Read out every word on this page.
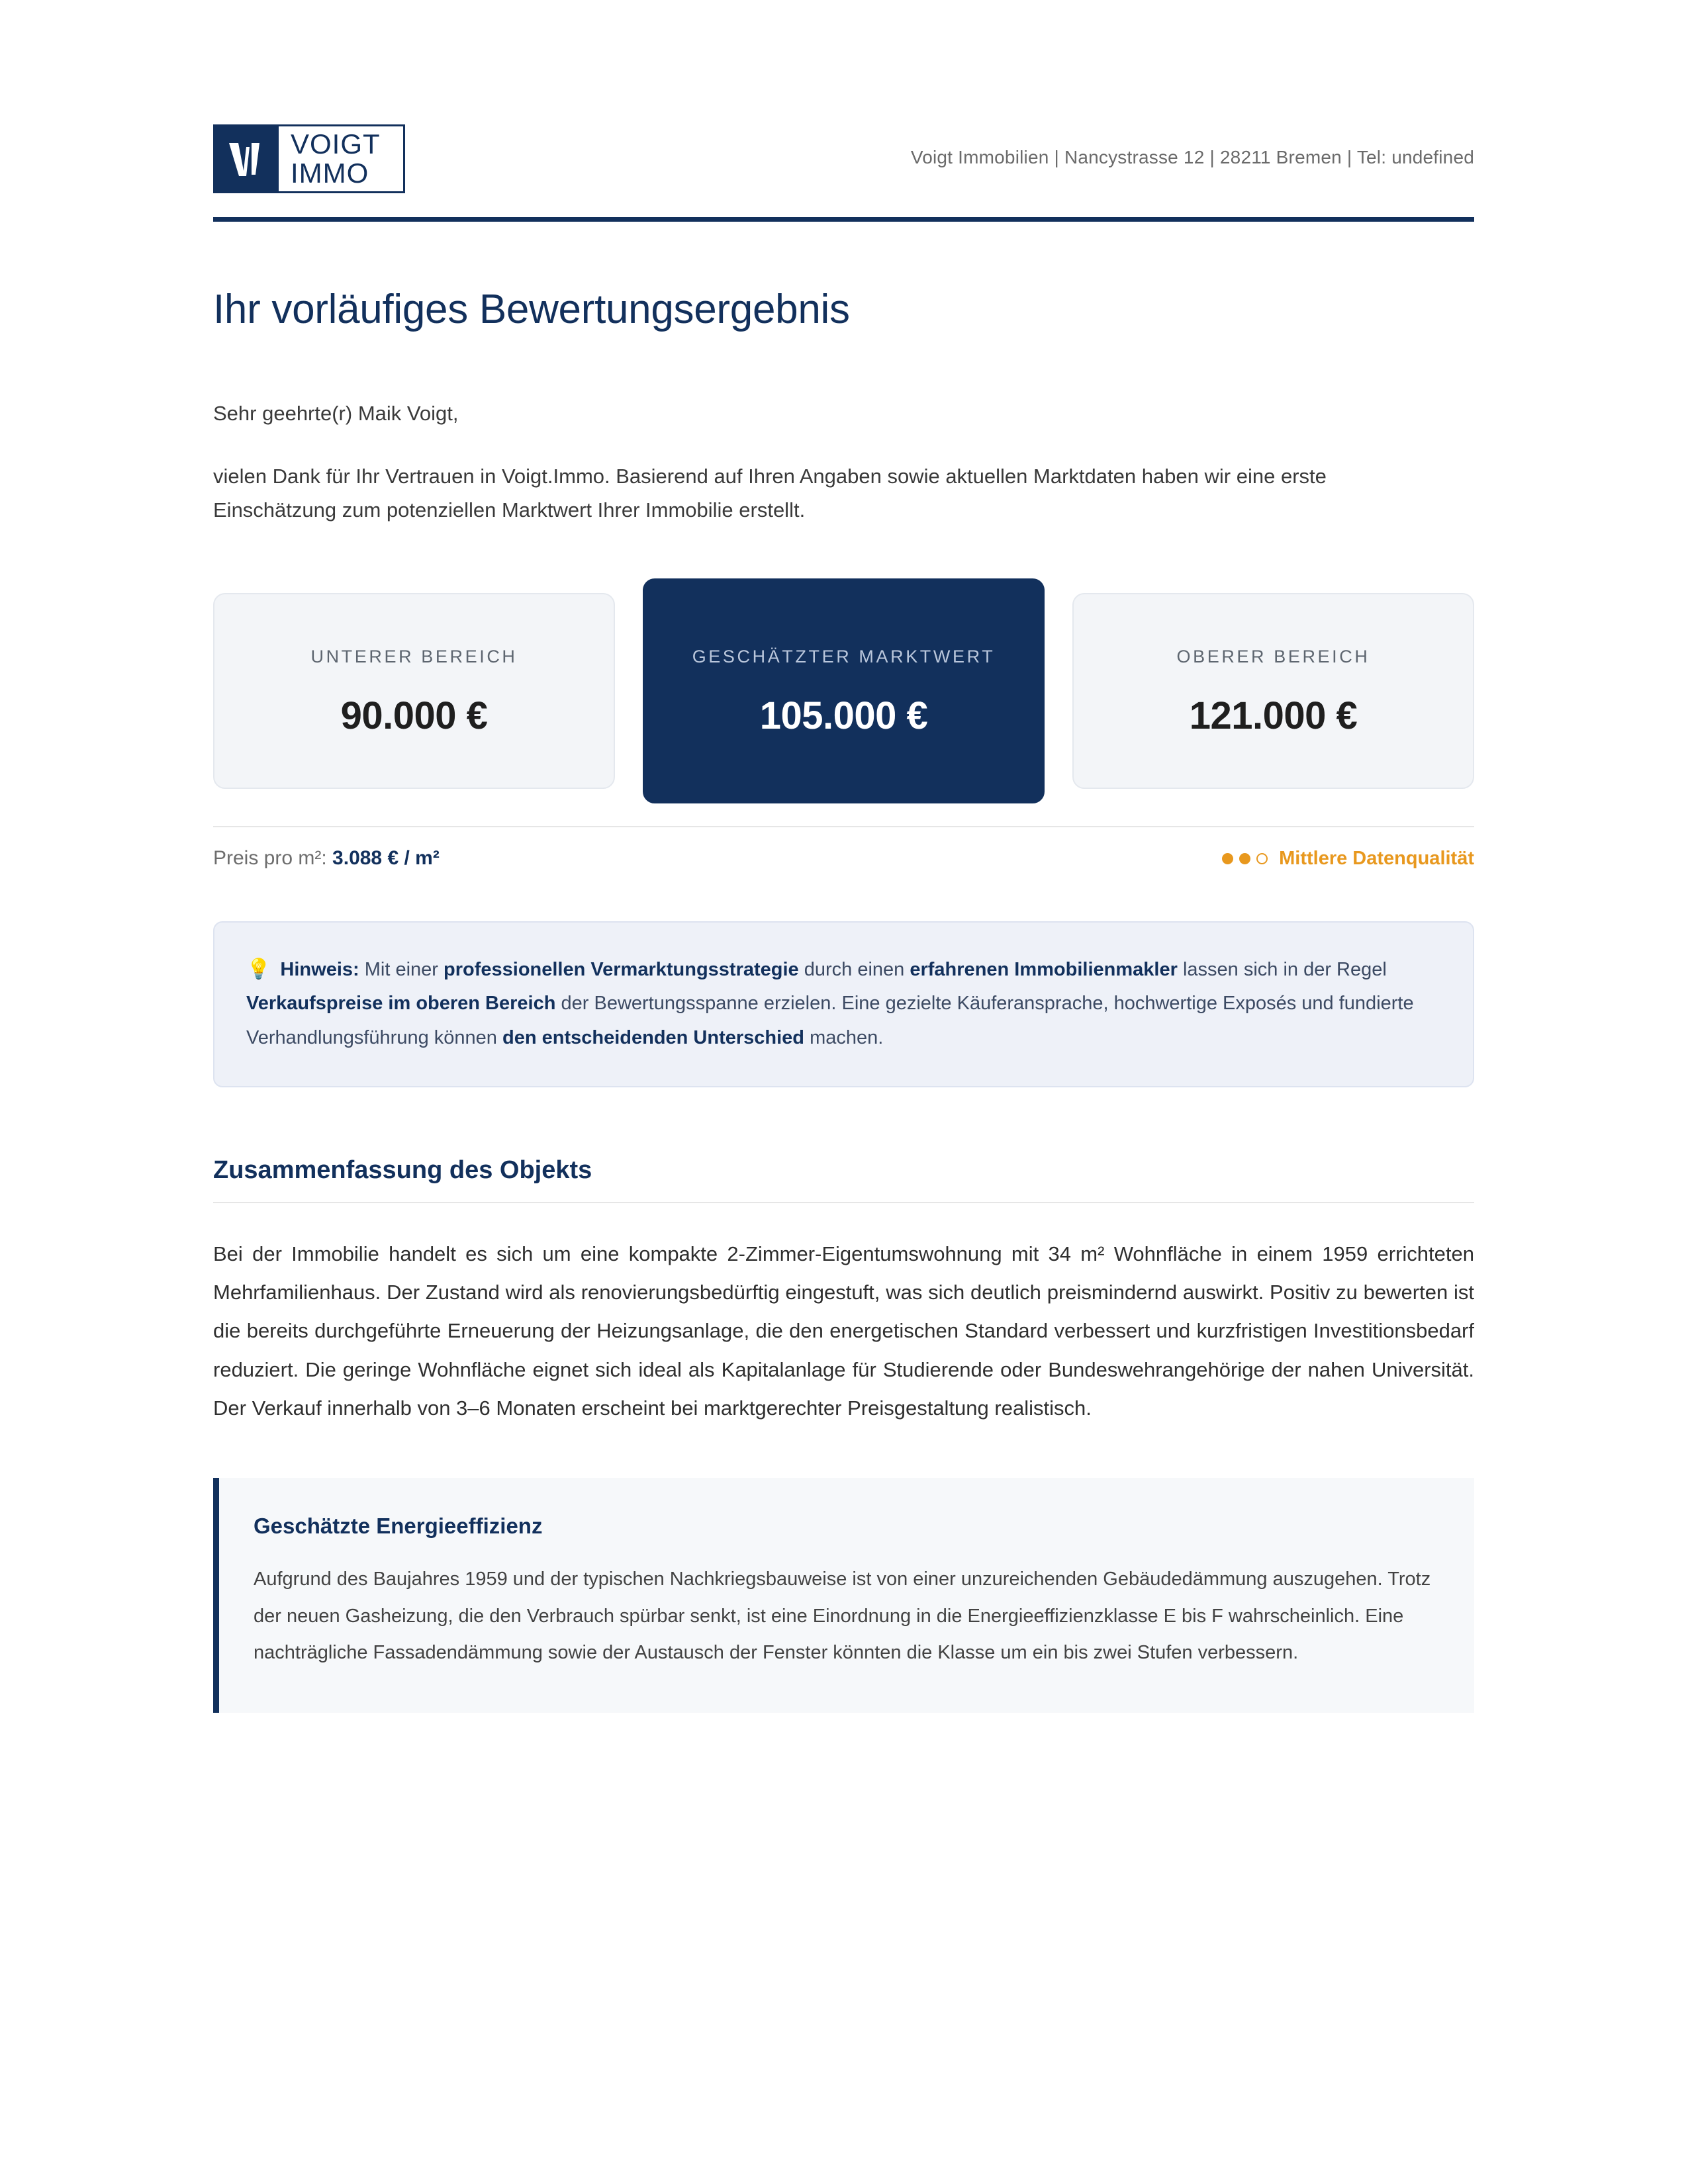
VOIGT
IMMO
Voigt Immobilien | Nancystrasse 12 | 28211 Bremen | Tel: undefined
Ihr vorläufiges Bewertungsergebnis

Sehr geehrte(r) Maik Voigt,

vielen Dank für Ihr Vertrauen in Voigt.Immo. Basierend auf Ihren Angaben sowie aktuellen Marktdaten haben wir eine erste Einschätzung zum potenziellen Marktwert Ihrer Immobilie erstellt.

UNTERER BEREICH
90.000 €
GESCHÄTZTER MARKTWERT
105.000 €
OBERER BEREICH
121.000 €
Preis pro m²: 3.088 € / m²	Mittlere Datenqualität
💡 Hinweis: Mit einer professionellen Vermarktungsstrategie durch einen erfahrenen Immobilienmakler lassen sich in der Regel Verkaufspreise im oberen Bereich der Bewertungsspanne erzielen. Eine gezielte Käuferansprache, hochwertige Exposés und fundierte Verhandlungsführung können den entscheidenden Unterschied machen.
Zusammenfassung des Objekts

Bei der Immobilie handelt es sich um eine kompakte 2-Zimmer-Eigentumswohnung mit 34 m² Wohnfläche in einem 1959 errichteten Mehrfamilienhaus. Der Zustand wird als renovierungsbedürftig eingestuft, was sich deutlich preismindernd auswirkt. Positiv zu bewerten ist die bereits durchgeführte Erneuerung der Heizungsanlage, die den energetischen Standard verbessert und kurzfristigen Investitionsbedarf reduziert. Die geringe Wohnfläche eignet sich ideal als Kapitalanlage für Studierende oder Bundeswehrangehörige der nahen Universität. Der Verkauf innerhalb von 3–6 Monaten erscheint bei marktgerechter Preisgestaltung realistisch.

Geschätzte Energieeffizienz

Aufgrund des Baujahres 1959 und der typischen Nachkriegsbauweise ist von einer unzureichenden Gebäudedämmung auszugehen. Trotz der neuen Gasheizung, die den Verbrauch spürbar senkt, ist eine Einordnung in die Energieeffizienzklasse E bis F wahrscheinlich. Eine nachträgliche Fassadendämmung sowie der Austausch der Fenster könnten die Klasse um ein bis zwei Stufen verbessern.
